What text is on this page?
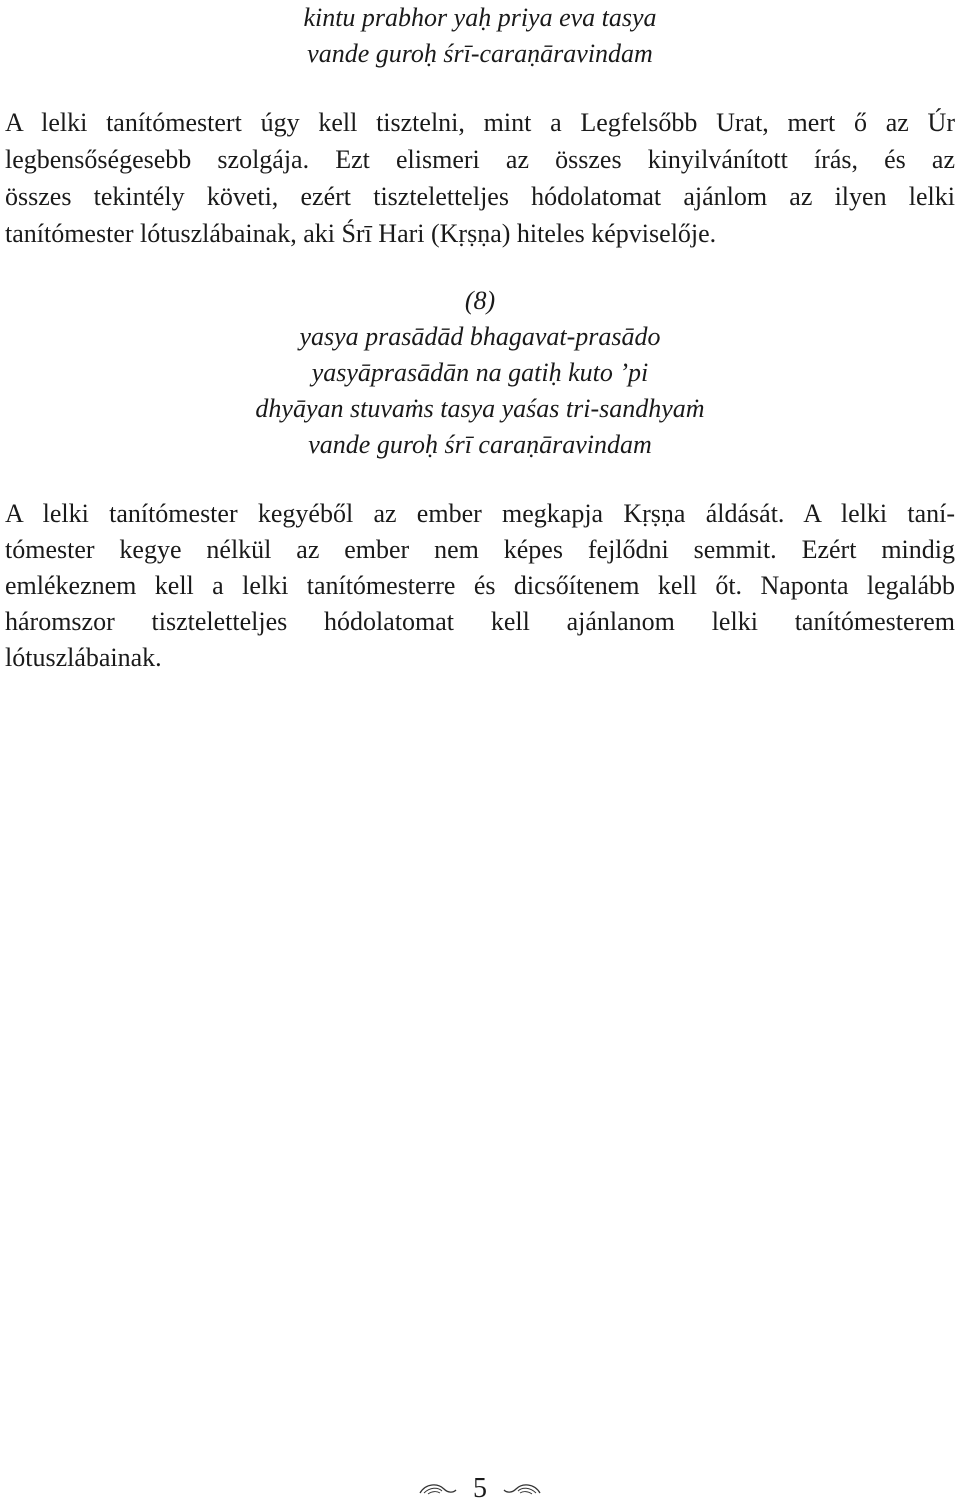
kintu prabhor yaḥ priya eva tasya
vande guroḥ śrī-caraṇāravindam
A lelki tanítómestert úgy kell tisztelni, mint a Legfelsőbb Urat, mert ő az Úr
legbensőségesebb szolgája. Ezt elismeri az összes kinyilvánított írás, és az
összes tekintély követi, ezért tiszteletteljes hódolatomat ajánlom az ilyen lelki
tanítómester lótuszlábainak, aki Śrī Hari (Kṛṣṇa) hiteles képviselője.
(8)
yasya prasādād bhagavat-prasādo
yasyāprasādān na gatiḥ kuto ’pi
dhyāyan stuvaṁs tasya yaśas tri-sandhyaṁ
vande guroḥ śrī caraṇāravindam
A lelki tanítómester kegyéből az ember megkapja Kṛṣṇa áldását. A lelki taní-
tómester kegye nélkül az ember nem képes fejlődni semmit. Ezért mindig
emlékeznem kell a lelki tanítómesterre és dicsőítenem kell őt. Naponta legalább
háromszor tiszteletteljes hódolatomat kell ajánlanom lelki tanítómesterem
lótuszlábainak.
5
